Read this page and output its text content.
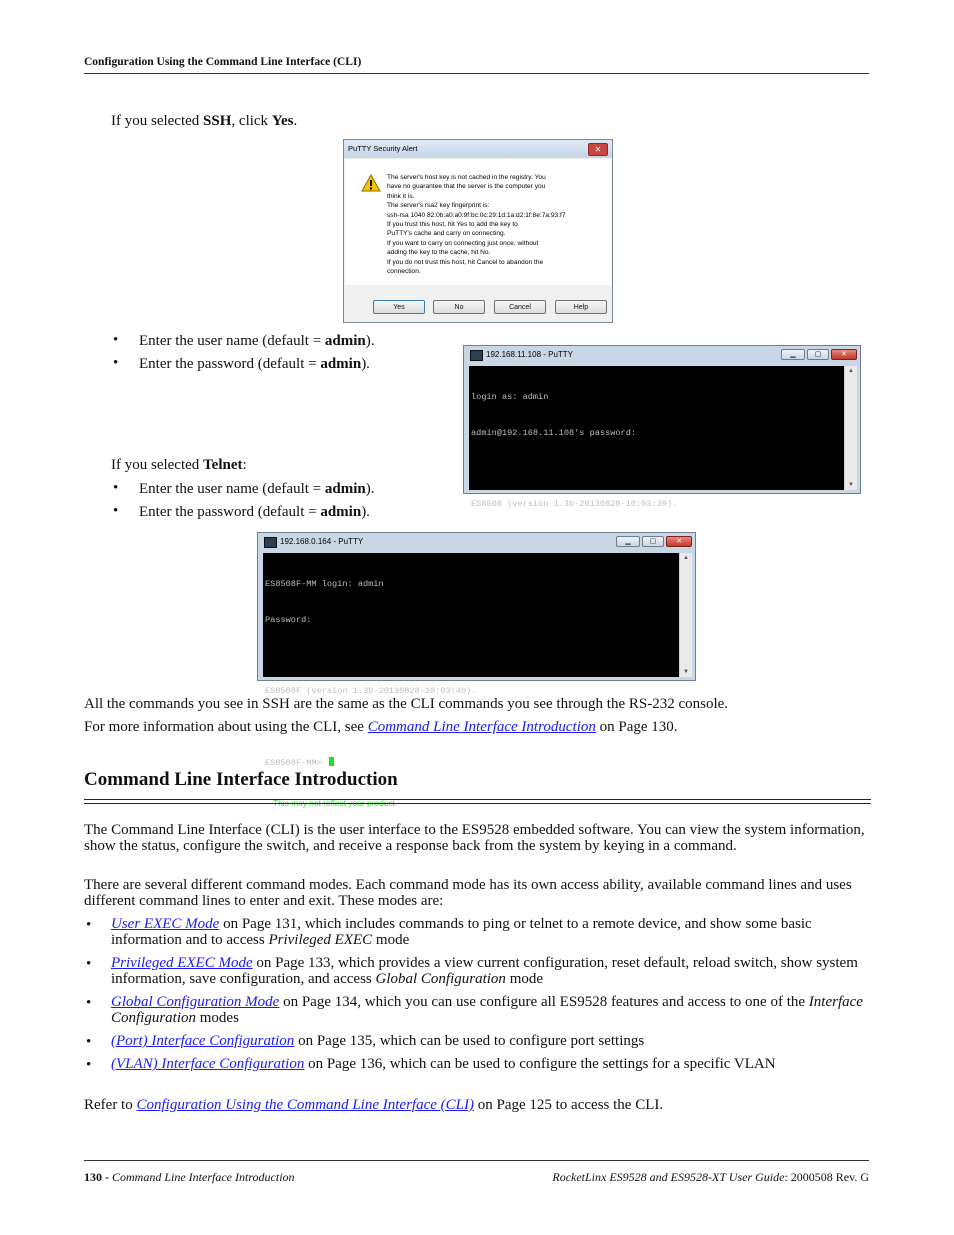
Configuration Using the Command Line Interface (CLI)
If you selected SSH, click Yes.
PuTTY Security Alert	✕
The server's host key is not cached in the registry. You
have no guarantee that the server is the computer you
think it is.
The server's rsa2 key fingerprint is:
ssh-rsa 1040 82:0b:a0:a0:9f:bc:0c:29:1d:1a:d2:1f:8e:7a:93:f7
If you trust this host, hit Yes to add the key to
PuTTY's cache and carry on connecting.
If you want to carry on connecting just once, without
adding the key to the cache, hit No.
If you do not trust this host, hit Cancel to abandon the
connection.
Yes	No	Cancel	Help
• Enter the user name (default = admin).
• Enter the password (default = admin).
192.168.11.108 - PuTTY	▁	▢	✕

login as: admin

admin@192.168.11.108's password:

ES8508 (version 1.3b-20130828-10:03:39).

▲
▼
If you selected Telnet:
• Enter the user name (default = admin).
• Enter the password (default = admin).
192.168.0.164 - PuTTY	▁	▢	✕

ES8508F-MM login: admin

Password:

ES8508F (version 1.3b-20130828-10:03:40).

ES8508F-MM>

This may not reflect your product.

▲
▼
All the commands you see in SSH are the same as the CLI commands you see through the RS-232 console.
For more information about using the CLI, see Command Line Interface Introduction on Page 130.
Command Line Interface Introduction
The Command Line Interface (CLI) is the user interface to the ES9528 embedded software. You can view the system information, show the status, configure the switch, and receive a response back from the system by keying in a command.
There are several different command modes. Each command mode has its own access ability, available command lines and uses different command lines to enter and exit. These modes are:
• User EXEC Mode on Page 131, which includes commands to ping or telnet to a remote device, and show some basic information and to access Privileged EXEC mode
• Privileged EXEC Mode on Page 133, which provides a view current configuration, reset default, reload switch, show system information, save configuration, and access Global Configuration mode
• Global Configuration Mode on Page 134, which you can use configure all ES9528 features and access to one of the Interface Configuration modes
• (Port) Interface Configuration on Page 135, which can be used to configure port settings
• (VLAN) Interface Configuration on Page 136, which can be used to configure the settings for a specific VLAN
Refer to Configuration Using the Command Line Interface (CLI) on Page 125 to access the CLI.
130 - Command Line Interface Introduction	RocketLinx ES9528 and ES9528-XT User Guide: 2000508 Rev. G
